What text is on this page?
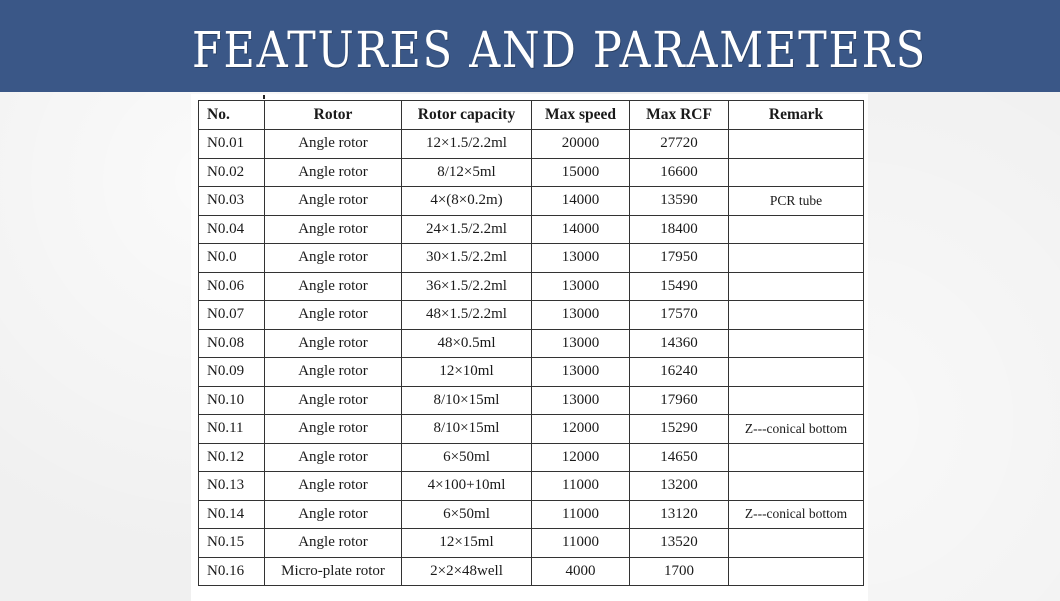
FEATURES AND PARAMETERS
No.	Rotor	Rotor capacity	Max speed	Max RCF	Remark
N0.01	Angle rotor	12×1.5/2.2ml	20000	27720	
N0.02	Angle rotor	8/12×5ml	15000	16600	
N0.03	Angle rotor	4×(8×0.2m)	14000	13590	PCR tube
N0.04	Angle rotor	24×1.5/2.2ml	14000	18400	
N0.0	Angle rotor	30×1.5/2.2ml	13000	17950	
N0.06	Angle rotor	36×1.5/2.2ml	13000	15490	
N0.07	Angle rotor	48×1.5/2.2ml	13000	17570	
N0.08	Angle rotor	48×0.5ml	13000	14360	
N0.09	Angle rotor	12×10ml	13000	16240	
N0.10	Angle rotor	8/10×15ml	13000	17960	
N0.11	Angle rotor	8/10×15ml	12000	15290	Z---conical bottom
N0.12	Angle rotor	6×50ml	12000	14650	
N0.13	Angle rotor	4×100+10ml	11000	13200	
N0.14	Angle rotor	6×50ml	11000	13120	Z---conical bottom
N0.15	Angle rotor	12×15ml	11000	13520	
N0.16	Micro-plate rotor	2×2×48well	4000	1700	
